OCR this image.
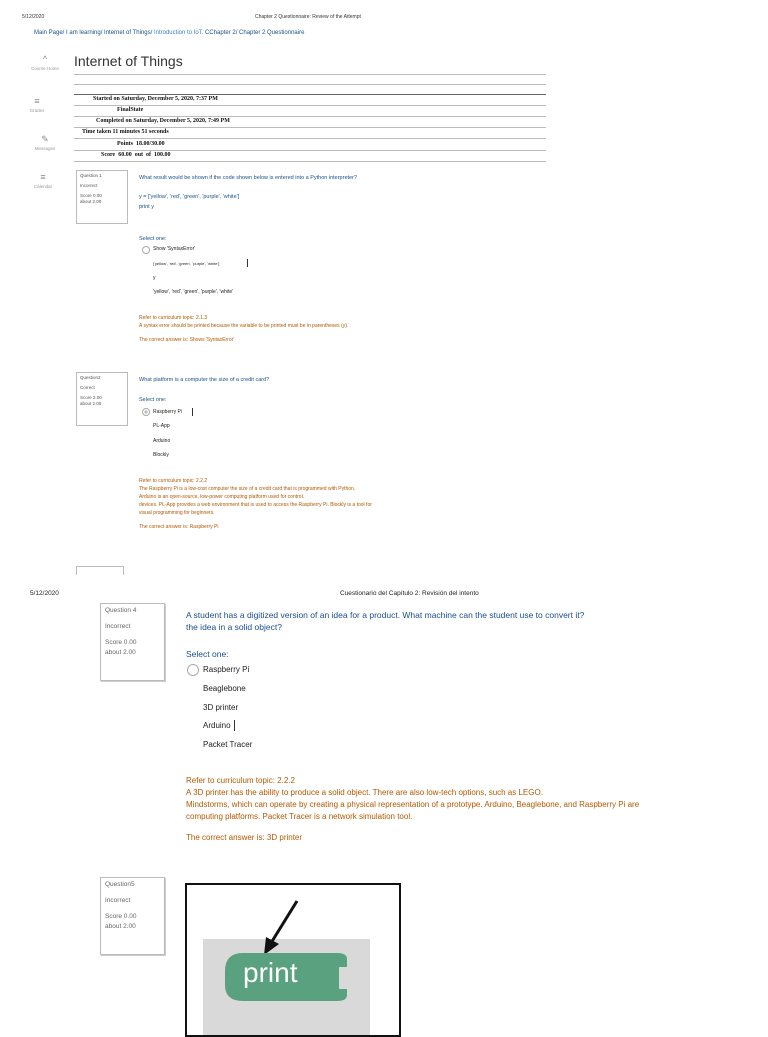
5/12/2020	Chapter 2 Questionnaire: Review of the Attempt
Main Page/ I am learning/ Internet of Things/ Introduction to IoT. CChapter 2/ Chapter 2 Questionnaire
^
Course Home
≡
Grades
✎
Messages
≡
Calendar
Internet of Things
Started on Saturday, December 5, 2020, 7:37 PM
FinalState
Completed on Saturday, December 5, 2020, 7:49 PM
Time taken 11 minutes 51 seconds
Points  18.00/30.00
Score  60.00  out  of  100.00
Question 1
Incorrect
Score 0.00
about 2.00
What result would be shown if the code shown below is entered into a Python interpreter?
y = ['yellow', 'red', 'green', 'purple', 'white']
print y
Select one:
Show 'SyntaxError'
['yellow', 'red', 'green', 'purple', 'white']
y
'yellow', 'red', 'green', 'purple', 'white'
Refer to curriculum topic: 2.1.3
A syntax error should be printed because the variable to be printed must be in parentheses (y).
The correct answer is: Shows 'SyntaxError'
Question2
Correct
Score 2.00
about 2.00
What platform is a computer the size of a credit card?
Select one:
Raspberry Pi
PL-App
Arduino
Blockly
Refer to curriculum topic: 2.2.2
The Raspberry Pi is a low-cost computer the size of a credit card that is programmed with Python.
Arduino is an open-source, low-power computing platform used for control.
devices. PL-App provides a web environment that is used to access the Raspberry Pi. Blockly is a tool for
visual programming for beginners.
The correct answer is: Raspberry Pi
5/12/2020	Cuestionario del Capítulo 2: Revisión del intento
Question 4
Incorrect
Score 0.00
about 2.00
A student has a digitized version of an idea for a product. What machine can the student use to convert it?
the idea in a solid object?
Select one:
Raspberry Pi
Beaglebone
3D printer
Arduino
Packet Tracer
Refer to curriculum topic: 2.2.2
A 3D printer has the ability to produce a solid object. There are also low-tech options, such as LEGO.
Mindstorms, which can operate by creating a physical representation of a prototype. Arduino, Beaglebone, and Raspberry Pi are
computing platforms. Packet Tracer is a network simulation tool.
The correct answer is: 3D printer
Question5
Incorrect
Score 0.00
about 2.00
print
